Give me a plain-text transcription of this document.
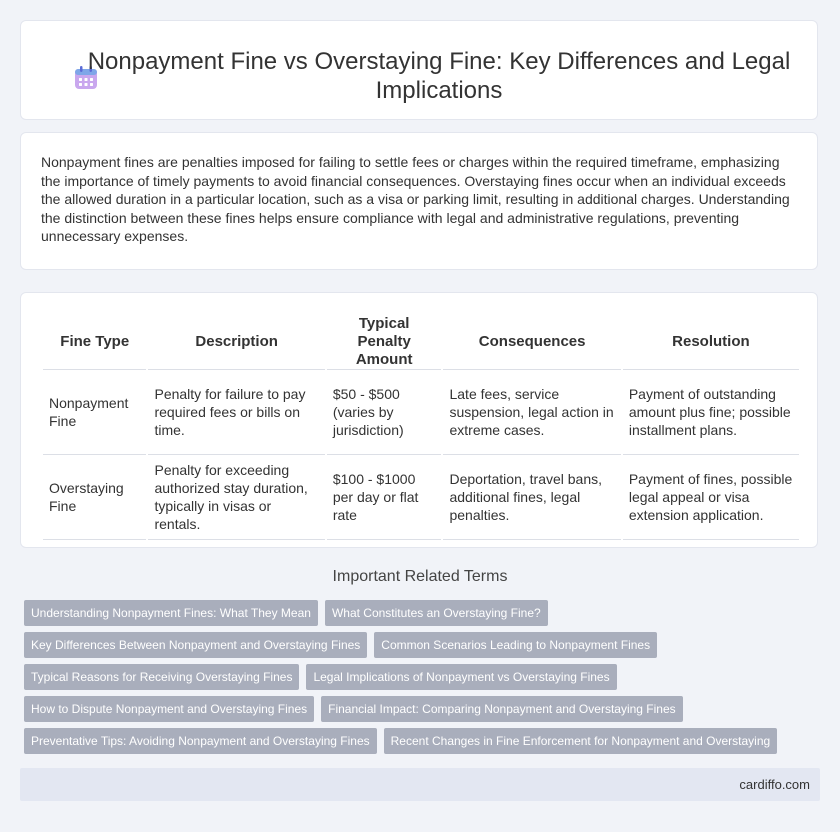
Nonpayment Fine vs Overstaying Fine: Key Differences and Legal Implications

Nonpayment fines are penalties imposed for failing to settle fees or charges within the required timeframe, emphasizing the importance of timely payments to avoid financial consequences. Overstaying fines occur when an individual exceeds the allowed duration in a particular location, such as a visa or parking limit, resulting in additional charges. Understanding the distinction between these fines helps ensure compliance with legal and administrative regulations, preventing unnecessary expenses.

Fine Type	Description	Typical Penalty Amount	Consequences	Resolution
Nonpayment Fine	Penalty for failure to pay required fees or bills on time.	$50 - $500 (varies by jurisdiction)	Late fees, service suspension, legal action in extreme cases.	Payment of outstanding amount plus fine; possible installment plans.
Overstaying Fine	Penalty for exceeding authorized stay duration, typically in visas or rentals.	$100 - $1000 per day or flat rate	Deportation, travel bans, additional fines, legal penalties.	Payment of fines, possible legal appeal or visa extension application.
Important Related Terms
Understanding Nonpayment Fines: What They Mean	What Constitutes an Overstaying Fine?
Key Differences Between Nonpayment and Overstaying Fines	Common Scenarios Leading to Nonpayment Fines
Typical Reasons for Receiving Overstaying Fines	Legal Implications of Nonpayment vs Overstaying Fines
How to Dispute Nonpayment and Overstaying Fines	Financial Impact: Comparing Nonpayment and Overstaying Fines
Preventative Tips: Avoiding Nonpayment and Overstaying Fines	Recent Changes in Fine Enforcement for Nonpayment and Overstaying
cardiffo.com
